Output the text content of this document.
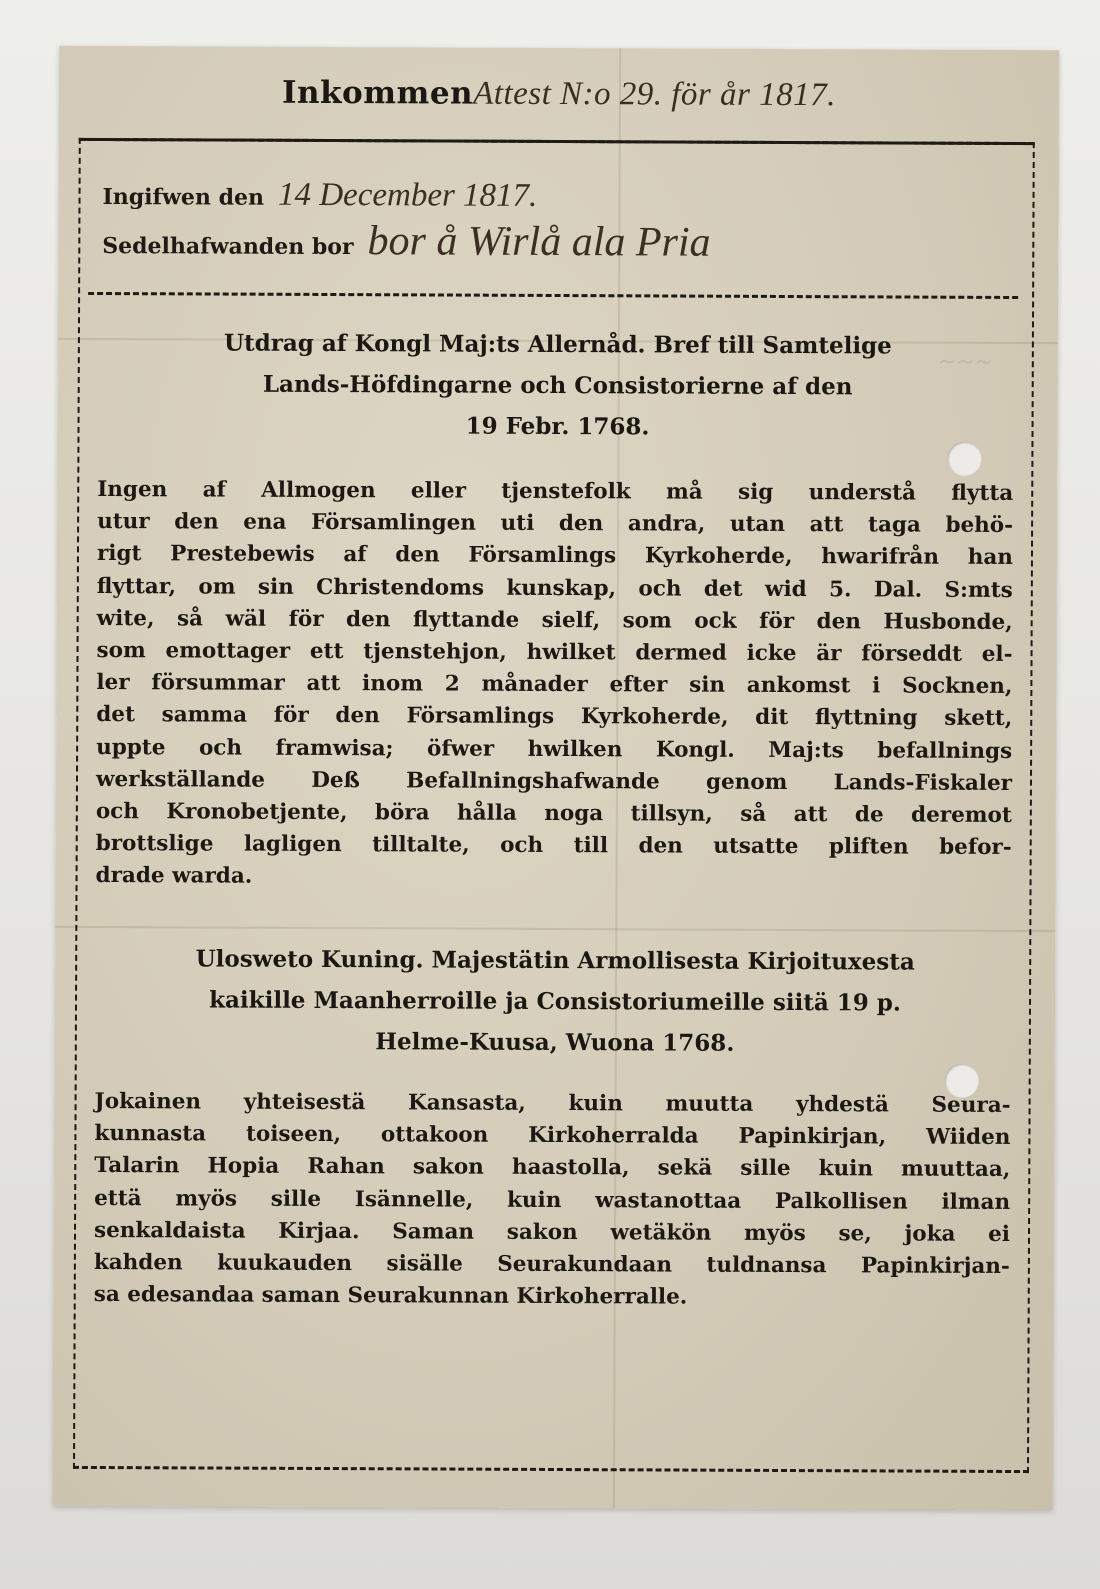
~~~
InkommenAttest N:o 29. för år 1817.
Ingifwen den 14 December 1817.
Sedelhafwanden bor bor å Wirlå ala Pria
Utdrag af Kongl Maj:ts Allernåd. Bref till Samtelige
Lands-Höfdingarne och Consistorierne af den
19 Febr. 1768.
Ingen af Allmogen eller tjenstefolk må sig understå flytta
utur den ena Församlingen uti den andra, utan att taga behö-
rigt Prestebewis af den Församlings Kyrkoherde, hwarifrån han
flyttar, om sin Christendoms kunskap, och det wid 5. Dal. S:mts
wite, så wäl för den flyttande sielf, som ock för den Husbonde,
som emottager ett tjenstehjon, hwilket dermed icke är förseddt el-
ler försummar att inom 2 månader efter sin ankomst i Socknen,
det samma för den Församlings Kyrkoherde, dit flyttning skett,
uppte och framwisa; öfwer hwilken Kongl. Maj:ts befallnings
werkställande Deß Befallningshafwande genom Lands-Fiskaler
och Kronobetjente, böra hålla noga tillsyn, så att de deremot
brottslige lagligen tilltalte, och till den utsatte pliften befor-
drade warda.
Ulosweto Kuning. Majestätin Armollisesta Kirjoituxesta
kaikille Maanherroille ja Consistoriumeille siitä 19 p.
Helme-Kuusa, Wuona 1768.
Jokainen yhteisestä Kansasta, kuin muutta yhdestä Seura-
kunnasta toiseen, ottakoon Kirkoherralda Papinkirjan, Wiiden
Talarin Hopia Rahan sakon haastolla, sekä sille kuin muuttaa,
että myös sille Isännelle, kuin wastanottaa Palkollisen ilman
senkaldaista Kirjaa. Saman sakon wetäkön myös se, joka ei
kahden kuukauden sisälle Seurakundaan tuldnansa Papinkirjan-
sa edesandaa saman Seurakunnan Kirkoherralle.
